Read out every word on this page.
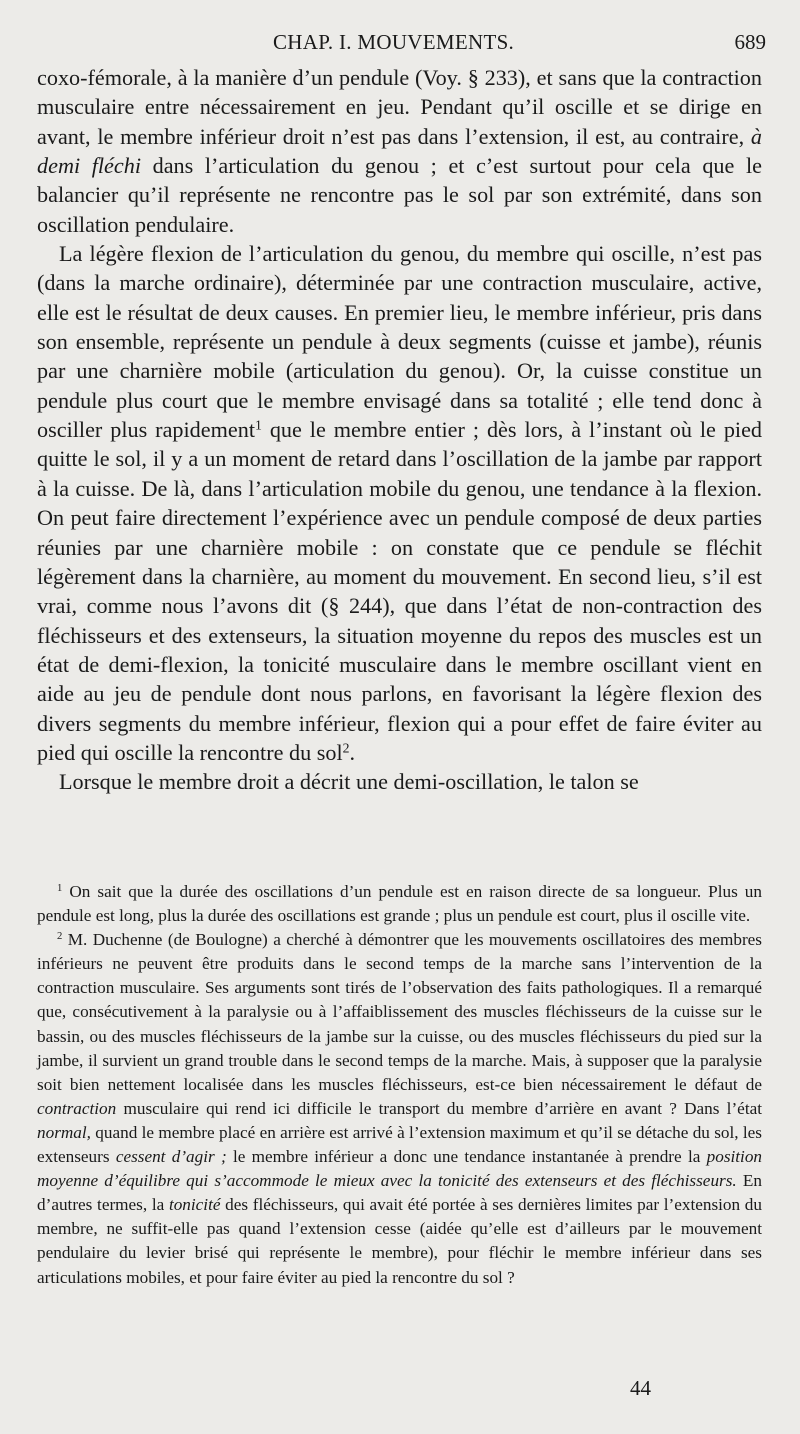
CHAP. I. MOUVEMENTS.	689

coxo-fémorale, à la manière d’un pendule (Voy. § 233), et sans que la contraction musculaire entre nécessairement en jeu. Pendant qu’il oscille et se dirige en avant, le membre inférieur droit n’est pas dans l’extension, il est, au contraire, à demi fléchi dans l’articulation du genou ; et c’est surtout pour cela que le balancier qu’il représente ne rencontre pas le sol par son extrémité, dans son oscillation pendulaire.

La légère flexion de l’articulation du genou, du membre qui oscille, n’est pas (dans la marche ordinaire), déterminée par une contraction musculaire, active, elle est le résultat de deux causes. En premier lieu, le membre inférieur, pris dans son ensemble, représente un pendule à deux segments (cuisse et jambe), réunis par une charnière mobile (articulation du genou). Or, la cuisse constitue un pendule plus court que le membre envisagé dans sa totalité ; elle tend donc à osciller plus rapidement$^1$ que le membre entier ; dès lors, à l’instant où le pied quitte le sol, il y a un moment de retard dans l’oscillation de la jambe par rapport à la cuisse. De là, dans l’articulation mobile du genou, une tendance à la flexion. On peut faire directement l’expérience avec un pendule composé de deux parties réunies par une charnière mobile : on constate que ce pendule se fléchit légèrement dans la charnière, au moment du mouvement. En second lieu, s’il est vrai, comme nous l’avons dit (§ 244), que dans l’état de non-contraction des fléchisseurs et des extenseurs, la situation moyenne du repos des muscles est un état de demi-flexion, la tonicité musculaire dans le membre oscillant vient en aide au jeu de pendule dont nous parlons, en favorisant la légère flexion des divers segments du membre inférieur, flexion qui a pour effet de faire éviter au pied qui oscille la rencontre du sol$^2$.

Lorsque le membre droit a décrit une demi-oscillation, le talon se

$^1$ On sait que la durée des oscillations d’un pendule est en raison directe de sa longueur. Plus un pendule est long, plus la durée des oscillations est grande ; plus un pendule est court, plus il oscille vite.

$^2$ M. Duchenne (de Boulogne) a cherché à démontrer que les mouvements oscillatoires des membres inférieurs ne peuvent être produits dans le second temps de la marche sans l’intervention de la contraction musculaire. Ses arguments sont tirés de l’observation des faits pathologiques. Il a remarqué que, consécutivement à la paralysie ou à l’affaiblissement des muscles fléchisseurs de la cuisse sur le bassin, ou des muscles fléchisseurs de la jambe sur la cuisse, ou des muscles fléchisseurs du pied sur la jambe, il survient un grand trouble dans le second temps de la marche. Mais, à supposer que la paralysie soit bien nettement localisée dans les muscles fléchisseurs, est-ce bien nécessairement le défaut de contraction musculaire qui rend ici difficile le transport du membre d’arrière en avant ? Dans l’état normal, quand le membre placé en arrière est arrivé à l’extension maximum et qu’il se détache du sol, les extenseurs cessent d’agir ; le membre inférieur a donc une tendance instantanée à prendre la position moyenne d’équilibre qui s’accommode le mieux avec la tonicité des extenseurs et des fléchisseurs. En d’autres termes, la tonicité des fléchisseurs, qui avait été portée à ses dernières limites par l’extension du membre, ne suffit-elle pas quand l’extension cesse (aidée qu’elle est d’ailleurs par le mouvement pendulaire du levier brisé qui représente le membre), pour fléchir le membre inférieur dans ses articulations mobiles, et pour faire éviter au pied la rencontre du sol ?

44
